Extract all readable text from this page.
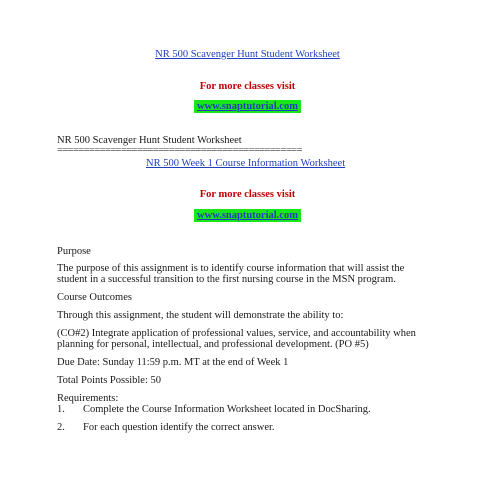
NR 500 Scavenger Hunt Student Worksheet
For more classes visit
www.snaptutorial.com
NR 500 Scavenger Hunt Student Worksheet
==============================================
NR 500 Week 1 Course Information Worksheet
For more classes visit
www.snaptutorial.com
Purpose
The purpose of this assignment is to identify course information that will assist the student in a successful transition to the first nursing course in the MSN program.
Course Outcomes
Through this assignment, the student will demonstrate the ability to:
(CO#2) Integrate application of professional values, service, and accountability when planning for personal, intellectual, and professional development. (PO #5)
Due Date: Sunday 11:59 p.m. MT at the end of Week 1
Total Points Possible: 50
Requirements:
1. Complete the Course Information Worksheet located in DocSharing.
2. For each question identify the correct answer.
